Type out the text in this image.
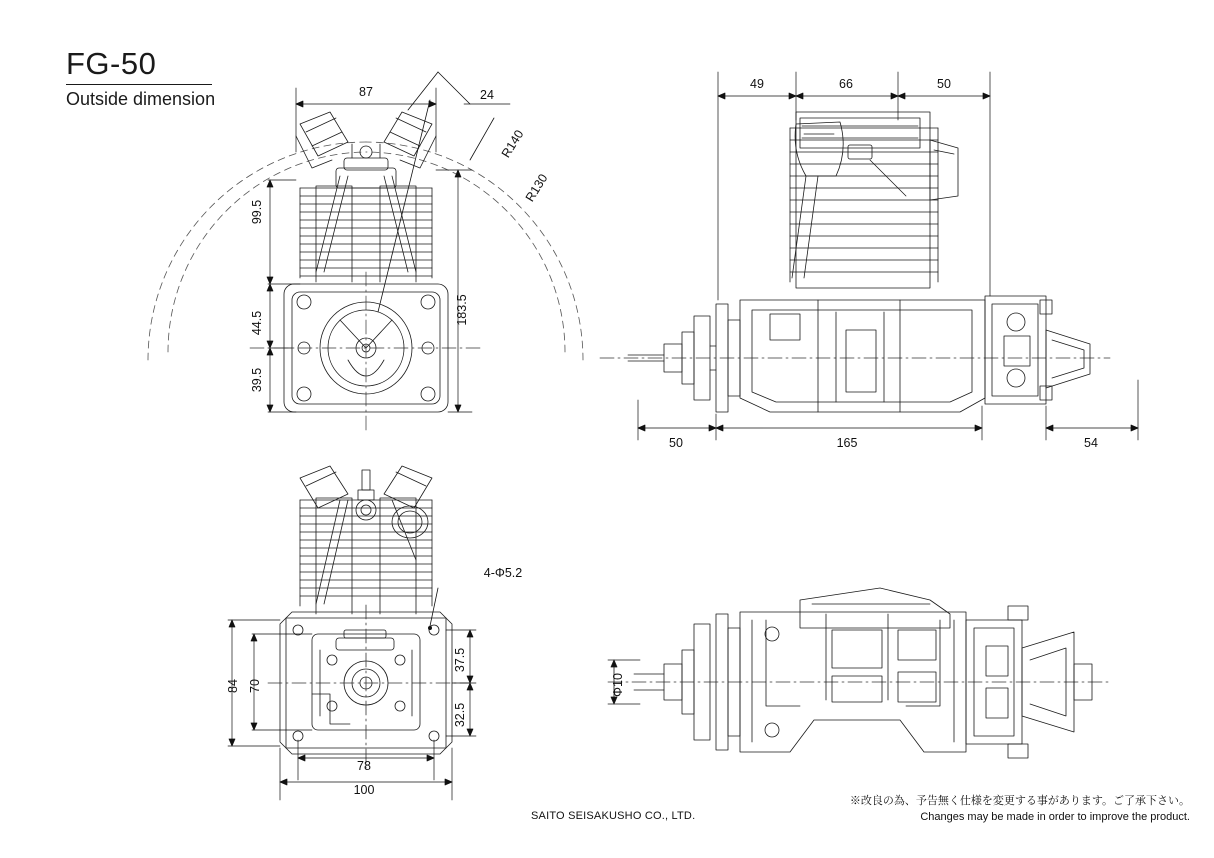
FG-50
Outside dimension	87	24
R140
R130
99.5
44.5
39.5
183.5
4-Φ5.2
84 70
37.5
32.5
78
100
49	66	50
50	165	54
Φ10
SAITO SEISAKUSHO CO., LTD.
※改良の為、予告無く仕様を変更する事があります。ご了承下さい。
Changes may be made in order to improve the product.
